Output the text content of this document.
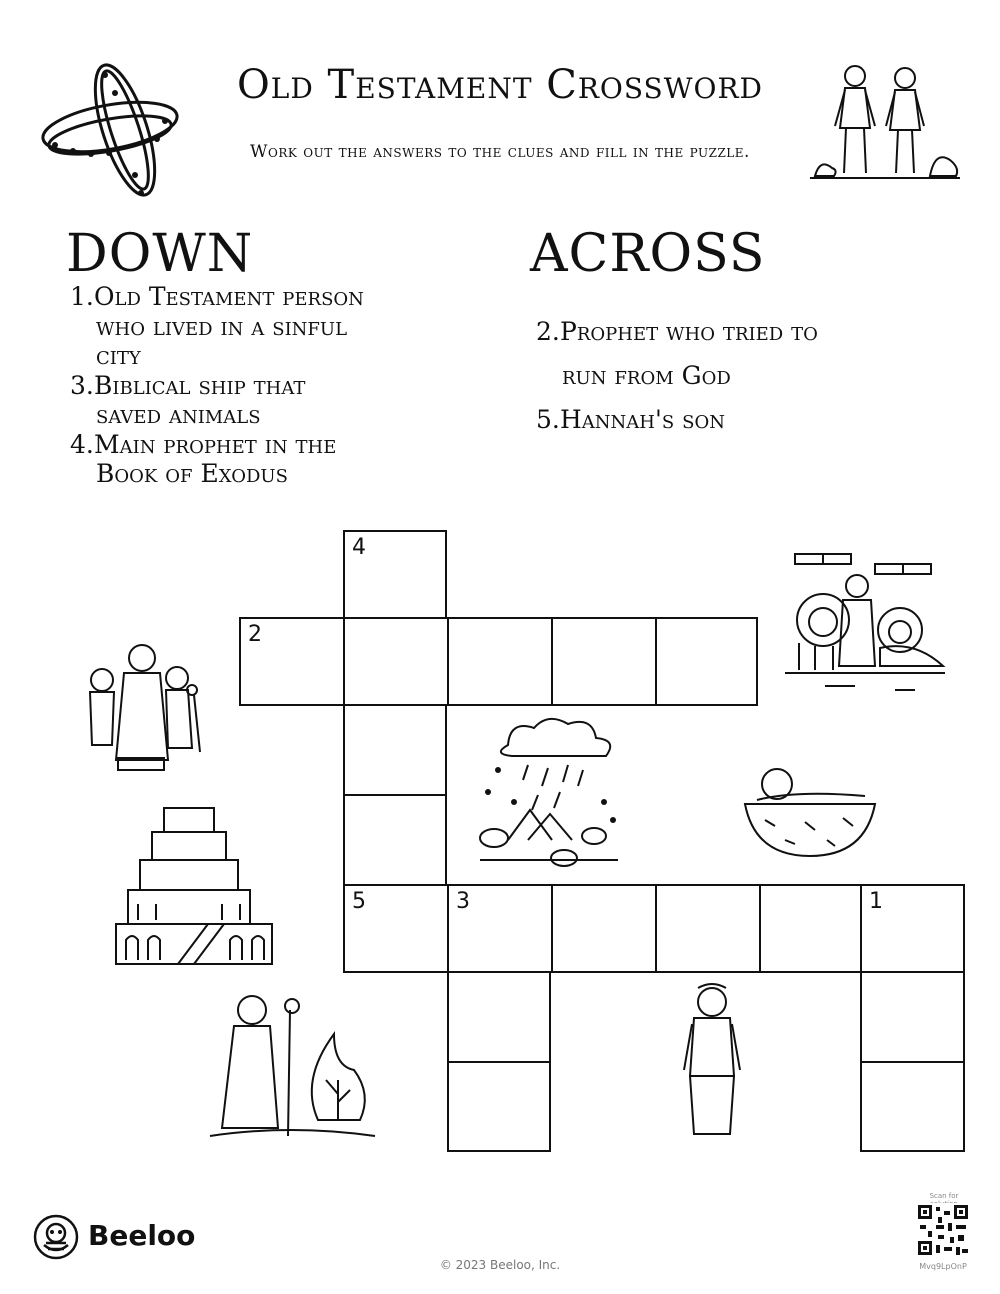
Old Testament Crossword
Work out the answers to the clues and fill in the puzzle.
DOWN
1.Old Testament person
who lived in a sinful
city
3.Biblical ship that
saved animals
4.Main prophet in the
Book of Exodus
ACROSS
2.Prophet who tried to
run from God
5.Hannah's son
4
2
5	3	1
Beeloo
© 2023 Beeloo, Inc.
Scan for
Mvq9LpOnP
